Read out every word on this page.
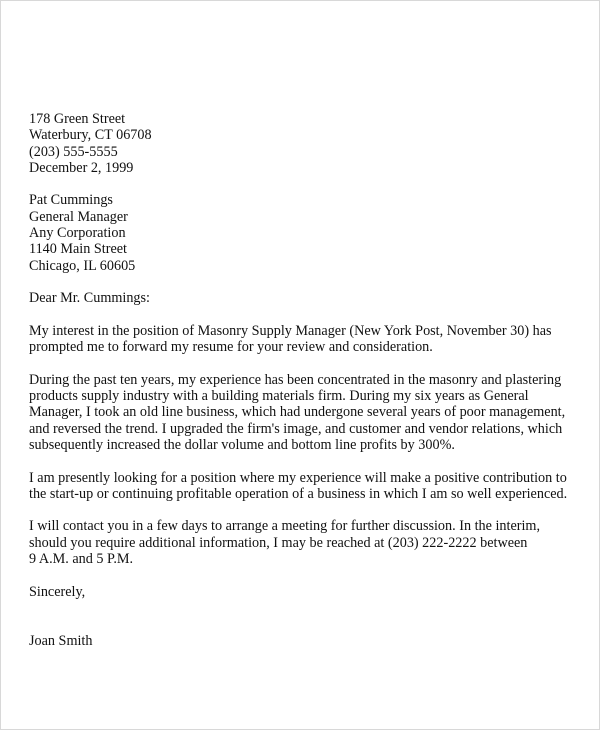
178 Green Street
Waterbury, CT 06708
(203) 555-5555
December 2, 1999
Pat Cummings
General Manager
Any Corporation
1140 Main Street
Chicago, IL 60605
Dear Mr. Cummings:
My interest in the position of Masonry Supply Manager (New York Post, November 30) has
prompted me to forward my resume for your review and consideration.
During the past ten years, my experience has been concentrated in the masonry and plastering
products supply industry with a building materials firm. During my six years as General
Manager, I took an old line business, which had undergone several years of poor management,
and reversed the trend. I upgraded the firm's image, and customer and vendor relations, which
subsequently increased the dollar volume and bottom line profits by 300%.
I am presently looking for a position where my experience will make a positive contribution to
the start-up or continuing profitable operation of a business in which I am so well experienced.
I will contact you in a few days to arrange a meeting for further discussion. In the interim,
should you require additional information, I may be reached at (203) 222-2222 between
9 A.M. and 5 P.M.
Sincerely,
Joan Smith
